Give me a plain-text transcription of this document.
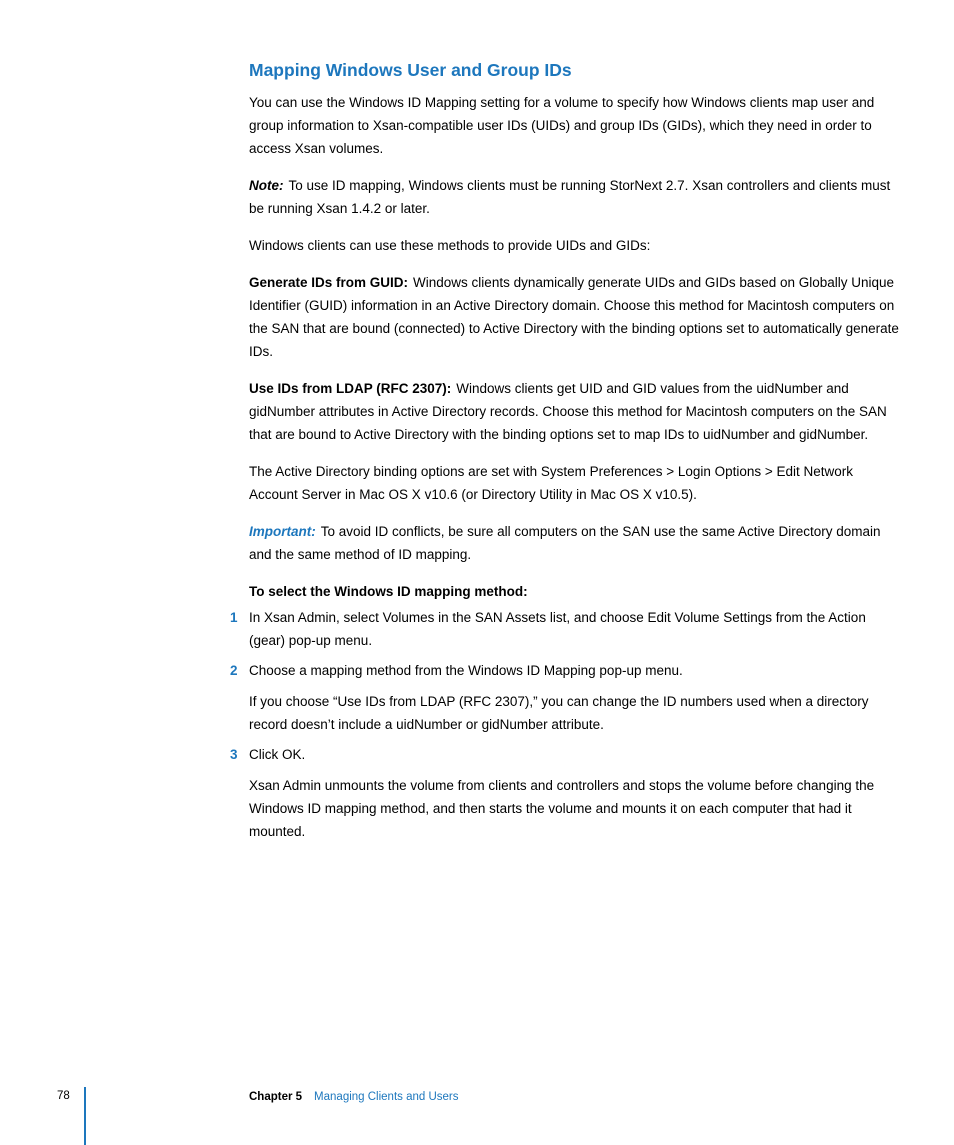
Mapping Windows User and Group IDs

You can use the Windows ID Mapping setting for a volume to specify how Windows clients map user and group information to Xsan-compatible user IDs (UIDs) and group IDs (GIDs), which they need in order to access Xsan volumes.

Note: To use ID mapping, Windows clients must be running StorNext 2.7. Xsan controllers and clients must be running Xsan 1.4.2 or later.

Windows clients can use these methods to provide UIDs and GIDs:

Generate IDs from GUID: Windows clients dynamically generate UIDs and GIDs based on Globally Unique Identifier (GUID) information in an Active Directory domain. Choose this method for Macintosh computers on the SAN that are bound (connected) to Active Directory with the binding options set to automatically generate IDs.

Use IDs from LDAP (RFC 2307): Windows clients get UID and GID values from the uidNumber and gidNumber attributes in Active Directory records. Choose this method for Macintosh computers on the SAN that are bound to Active Directory with the binding options set to map IDs to uidNumber and gidNumber.

The Active Directory binding options are set with System Preferences > Login Options > Edit Network Account Server in Mac OS X v10.6 (or Directory Utility in Mac OS X v10.5).

Important: To avoid ID conflicts, be sure all computers on the SAN use the same Active Directory domain and the same method of ID mapping.

To select the Windows ID mapping method:

1 In Xsan Admin, select Volumes in the SAN Assets list, and choose Edit Volume Settings from the Action (gear) pop-up menu.
2 Choose a mapping method from the Windows ID Mapping pop-up menu.
If you choose “Use IDs from LDAP (RFC 2307),” you can change the ID numbers used when a directory record doesn’t include a uidNumber or gidNumber attribute.
3 Click OK.
Xsan Admin unmounts the volume from clients and controllers and stops the volume before changing the Windows ID mapping method, and then starts the volume and mounts it on each computer that had it mounted.
78	Chapter 5 Managing Clients and Users
